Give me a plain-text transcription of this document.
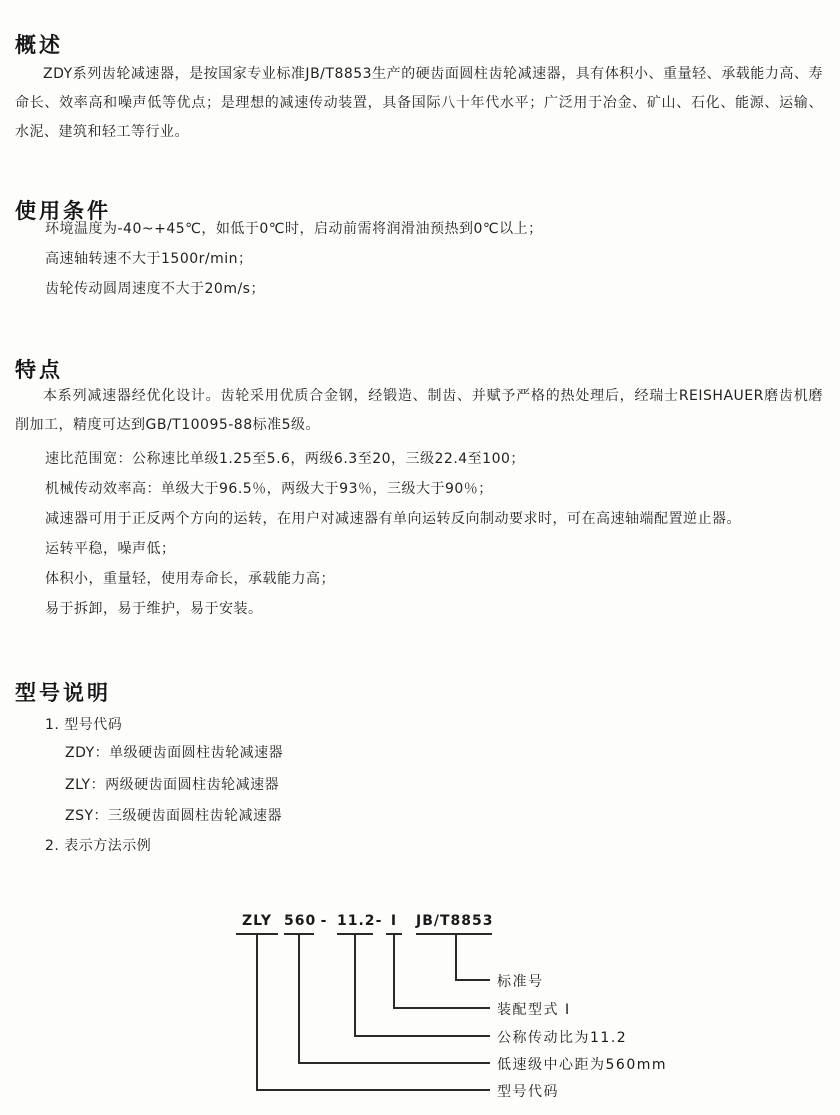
概述

ZDY系列齿轮减速器，是按国家专业标准JB/T8853生产的硬齿面圆柱齿轮减速器，具有体积小、重量轻、承载能力高、寿命长、效率高和噪声低等优点；是理想的减速传动装置，具备国际八十年代水平；广泛用于冶金、矿山、石化、能源、运输、水泥、建筑和轻工等行业。

使用条件
环境温度为-40~+45℃，如低于0℃时，启动前需将润滑油预热到0℃以上；
高速轴转速不大于1500r/min；
齿轮传动圆周速度不大于20m/s；
特点

本系列减速器经优化设计。齿轮采用优质合金钢，经锻造、制齿、并赋予严格的热处理后，经瑞士REISHAUER磨齿机磨削加工，精度可达到GB/T10095-88标准5级。

速比范围宽：公称速比单级1.25至5.6，两级6.3至20，三级22.4至100；
机械传动效率高：单级大于96.5％，两级大于93％，三级大于90％；
减速器可用于正反两个方向的运转，在用户对减速器有单向运转反向制动要求时，可在高速轴端配置逆止器。
运转平稳，噪声低；
体积小，重量轻，使用寿命长，承载能力高；
易于拆卸，易于维护，易于安装。
型号说明
1. 型号代码
ZDY：单级硬齿面圆柱齿轮减速器
ZLY：两级硬齿面圆柱齿轮减速器
ZSY：三级硬齿面圆柱齿轮减速器
2. 表示方法示例
ZLY 560 - 11.2 - Ⅰ	JB/T8853
标准号
装配型式 Ⅰ
公称传动比为11.2
低速级中心距为560mm
型号代码
